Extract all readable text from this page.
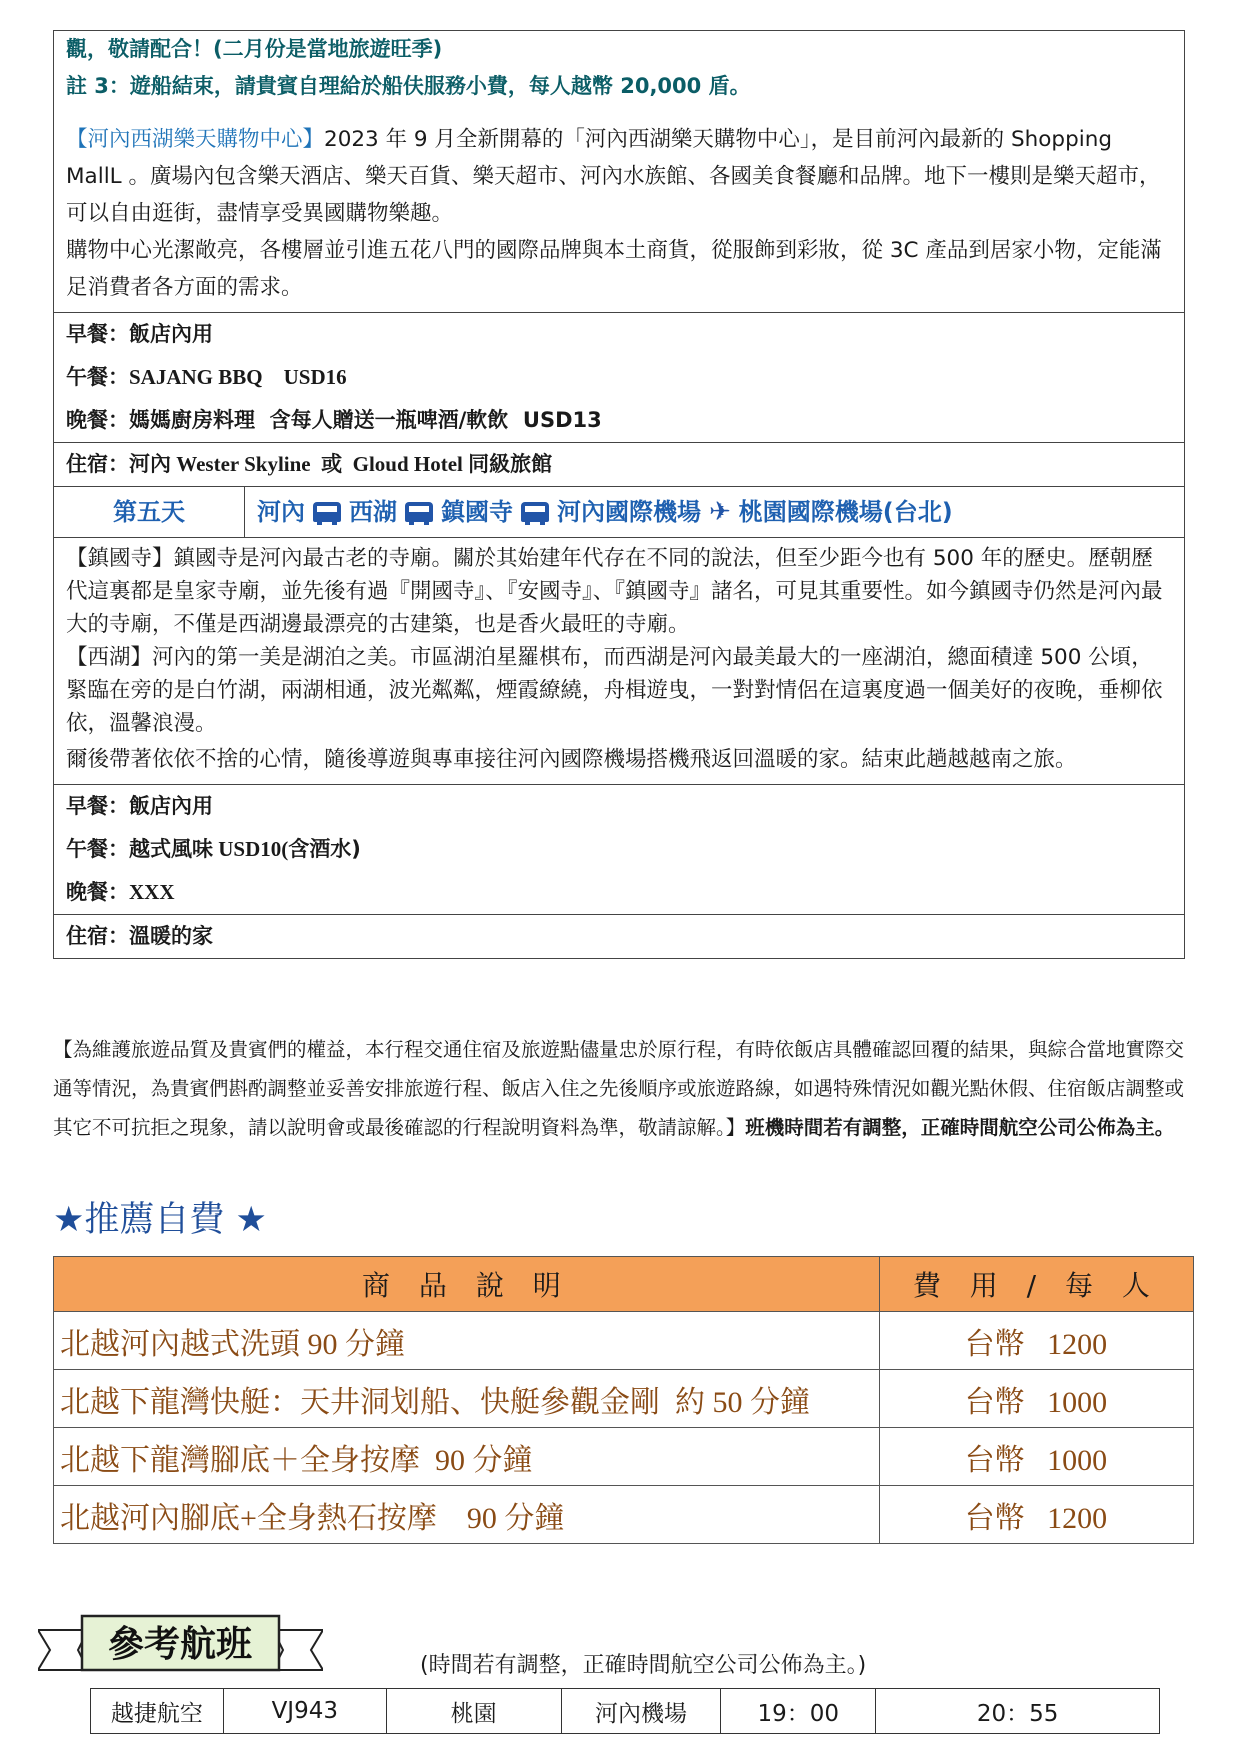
觀，敬請配合！(二月份是當地旅遊旺季)
註 3：遊船結束，請貴賓自理給於船伕服務小費，每人越幣 20,000 盾。

【河內西湖樂天購物中心】2023 年 9 月全新開幕的「河內西湖樂天購物中心」，是目前河內最新的 Shopping MallL 。廣場內包含樂天酒店、樂天百貨、樂天超市、河內水族館、各國美食餐廳和品牌。地下一樓則是樂天超市，可以自由逛街，盡情享受異國購物樂趣。

購物中心光潔敞亮，各樓層並引進五花八門的國際品牌與本土商貨，從服飾到彩妝，從 3C 產品到居家小物，定能滿足消費者各方面的需求。

早餐：飯店內用
午餐：SAJANG BBQ    USD16
晚餐：媽媽廚房料理  含每人贈送一瓶啤酒/軟飲  USD13
住宿：河內 Wester Skyline  或  Gloud Hotel 同級旅館
第五天	河內 西湖 鎮國寺 河內國際機場 ✈ 桃園國際機場(台北)

【鎮國寺】鎮國寺是河內最古老的寺廟。關於其始建年代存在不同的說法，但至少距今也有 500 年的歷史。歷朝歷代這裏都是皇家寺廟，並先後有過『開國寺』、『安國寺』、『鎮國寺』諸名，可見其重要性。如今鎮國寺仍然是河內最大的寺廟，不僅是西湖邊最漂亮的古建築，也是香火最旺的寺廟。

【西湖】河內的第一美是湖泊之美。市區湖泊星羅棋布，而西湖是河內最美最大的一座湖泊，總面積達 500 公頃，緊臨在旁的是白竹湖，兩湖相通，波光粼粼，煙霞繚繞，舟楫遊曳，一對對情侶在這裏度過一個美好的夜晚，垂柳依依，溫馨浪漫。

爾後帶著依依不捨的心情，隨後導遊與專車接往河內國際機場搭機飛返回溫暖的家。結束此趟越越南之旅。

早餐：飯店內用
午餐：越式風味 USD10(含酒水)
晚餐：XXX
住宿：溫暖的家
【為維護旅遊品質及貴賓們的權益，本行程交通住宿及旅遊點儘量忠於原行程，有時依飯店具體確認回覆的結果，與綜合當地實際交通等情況，為貴賓們斟酌調整並妥善安排旅遊行程、飯店入住之先後順序或旅遊路線，如遇特殊情況如觀光點休假、住宿飯店調整或其它不可抗拒之現象，請以說明會或最後確認的行程說明資料為準，敬請諒解。】班機時間若有調整，正確時間航空公司公佈為主。
★推薦自費 ★
商 品 說 明	費 用 / 每 人
北越河內越式洗頭 90 分鐘	台幣 1200
北越下龍灣快艇：天井洞划船、快艇參觀金剛  約 50 分鐘	台幣 1000
北越下龍灣腳底＋全身按摩  90 分鐘	台幣 1000
北越河內腳底+全身熱石按摩    90 分鐘	台幣 1200
參考航班
(時間若有調整，正確時間航空公司公佈為主。)
越捷航空	VJ943	桃園	河內機場	19：00	20：55
